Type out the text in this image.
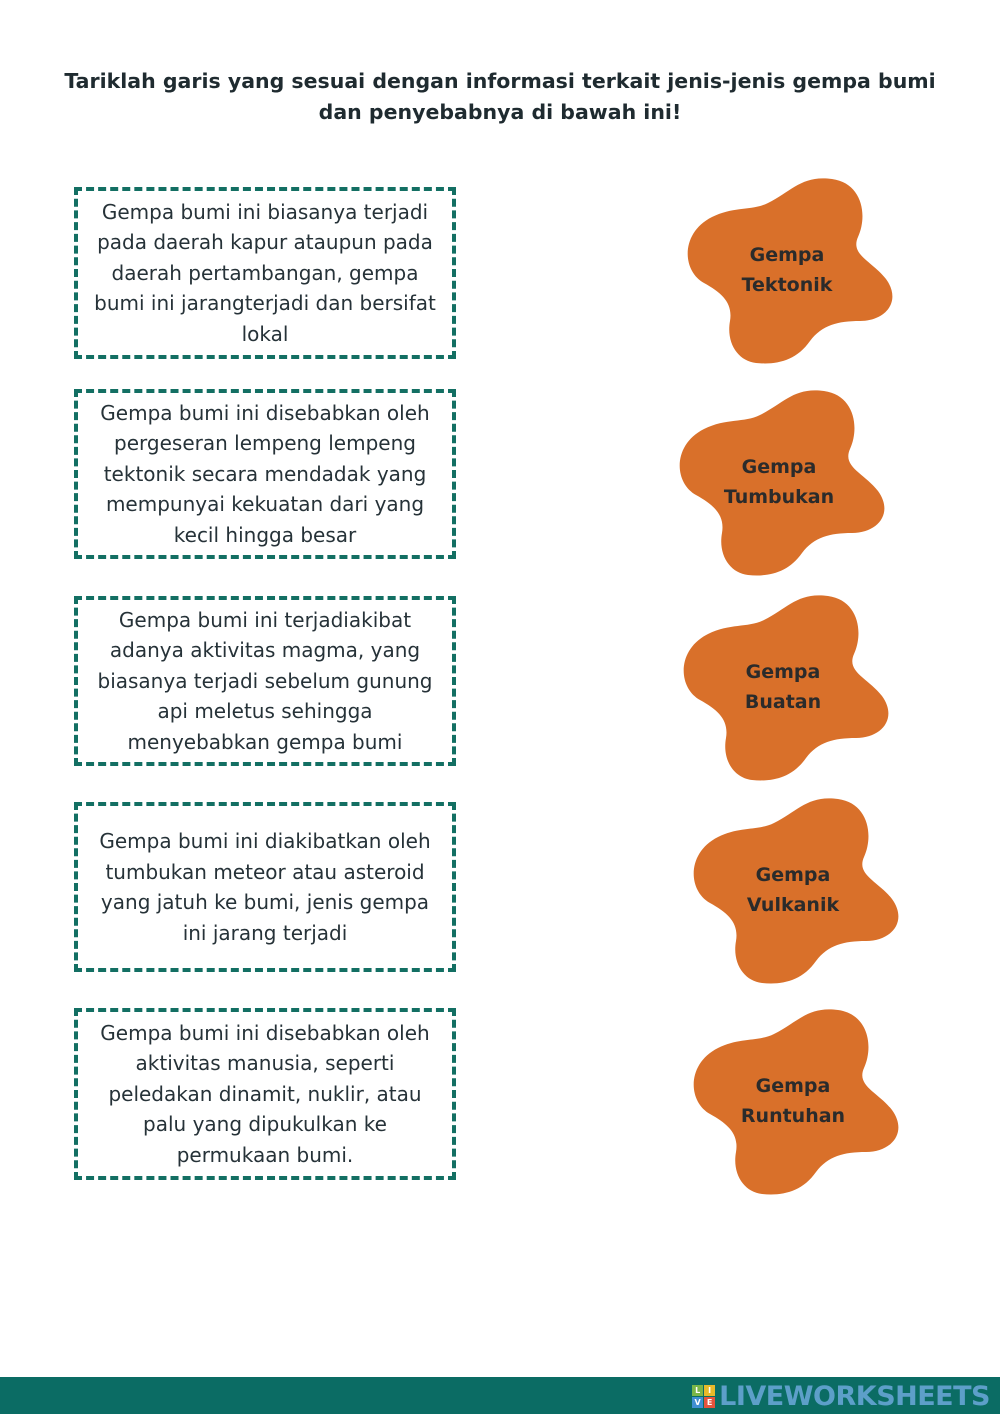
Tariklah garis yang sesuai dengan informasi terkait jenis-jenis gempa bumi
dan penyebabnya di bawah ini!
Gempa bumi ini biasanya terjadi
pada daerah kapur ataupun pada
daerah pertambangan, gempa
bumi ini jarangterjadi dan bersifat
lokal
Gempa bumi ini disebabkan oleh
pergeseran lempeng lempeng
tektonik secara mendadak yang
mempunyai kekuatan dari yang
kecil hingga besar
Gempa bumi ini terjadiakibat
adanya aktivitas magma, yang
biasanya terjadi sebelum gunung
api meletus sehingga
menyebabkan gempa bumi
Gempa bumi ini diakibatkan oleh
tumbukan meteor atau asteroid
yang jatuh ke bumi, jenis gempa
ini jarang terjadi
Gempa bumi ini disebabkan oleh
aktivitas manusia, seperti
peledakan dinamit, nuklir, atau
palu yang dipukulkan ke
permukaan bumi.
Gempa
Tektonik
Gempa
Tumbukan
Gempa
Buatan
Gempa
Vulkanik
Gempa
Runtuhan
L I
V E LIVEWORKSHEETS
